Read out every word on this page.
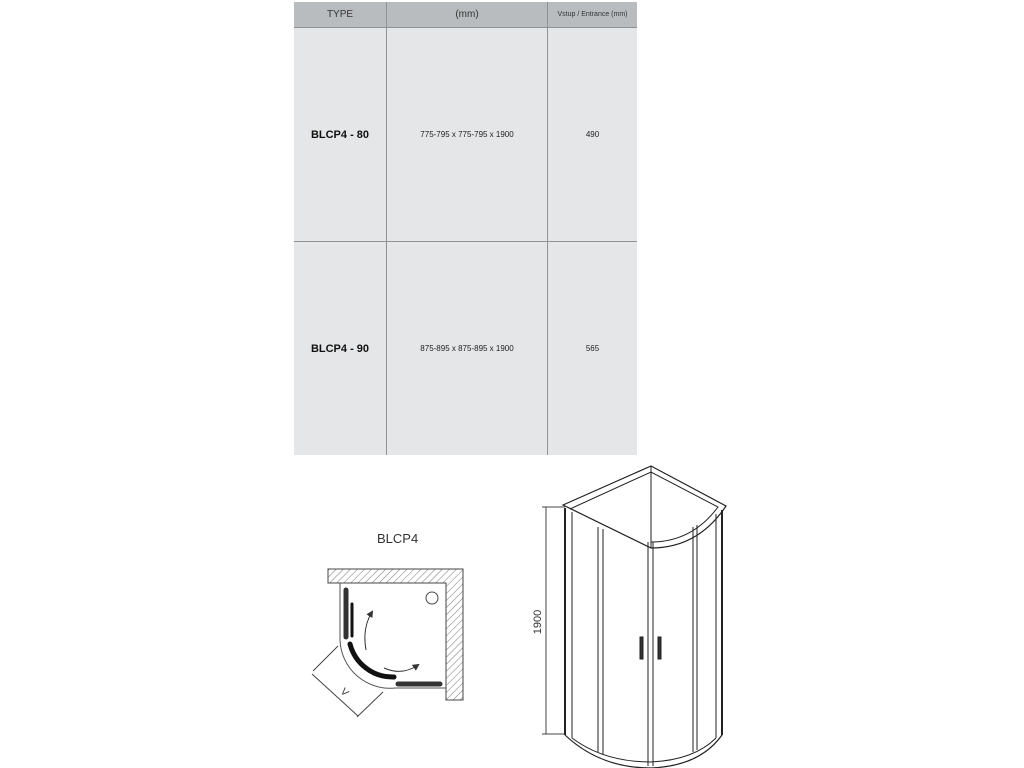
TYPE	(mm)	Vstup / Entrance (mm)
BLCP4 - 80	775-795 x 775-795 x 1900	490
BLCP4 - 90	875-895 x 875-895 x 1900	565
BLCP4
V
1900
